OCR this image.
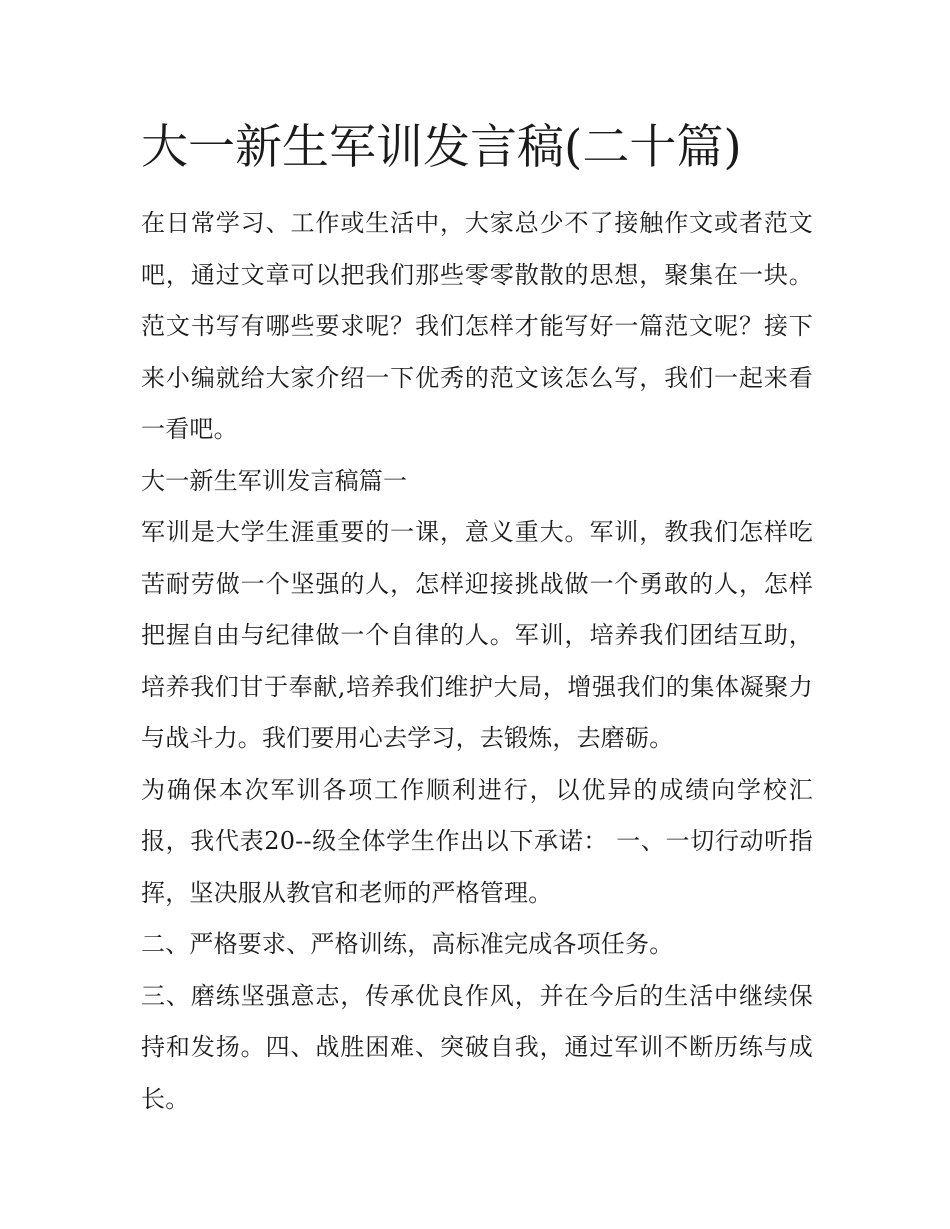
大一新生军训发言稿(二十篇)

在日常学习、工作或生活中，大家总少不了接触作文或者范文吧，通过文章可以把我们那些零零散散的思想，聚集在一块。范文书写有哪些要求呢？我们怎样才能写好一篇范文呢？接下来小编就给大家介绍一下优秀的范文该怎么写，我们一起来看一看吧。

大一新生军训发言稿篇一

军训是大学生涯重要的一课，意义重大。军训，教我们怎样吃苦耐劳做一个坚强的人，怎样迎接挑战做一个勇敢的人，怎样把握自由与纪律做一个自律的人。军训，培养我们团结互助，培养我们甘于奉献,培养我们维护大局，增强我们的集体凝聚力与战斗力。我们要用心去学习，去锻炼，去磨砺。

为确保本次军训各项工作顺利进行，以优异的成绩向学校汇报，我代表20--级全体学生作出以下承诺： 一、一切行动听指挥，坚决服从教官和老师的严格管理。

二、严格要求、严格训练，高标准完成各项任务。

三、磨练坚强意志，传承优良作风，并在今后的生活中继续保持和发扬。四、战胜困难、突破自我，通过军训不断历练与成长。
